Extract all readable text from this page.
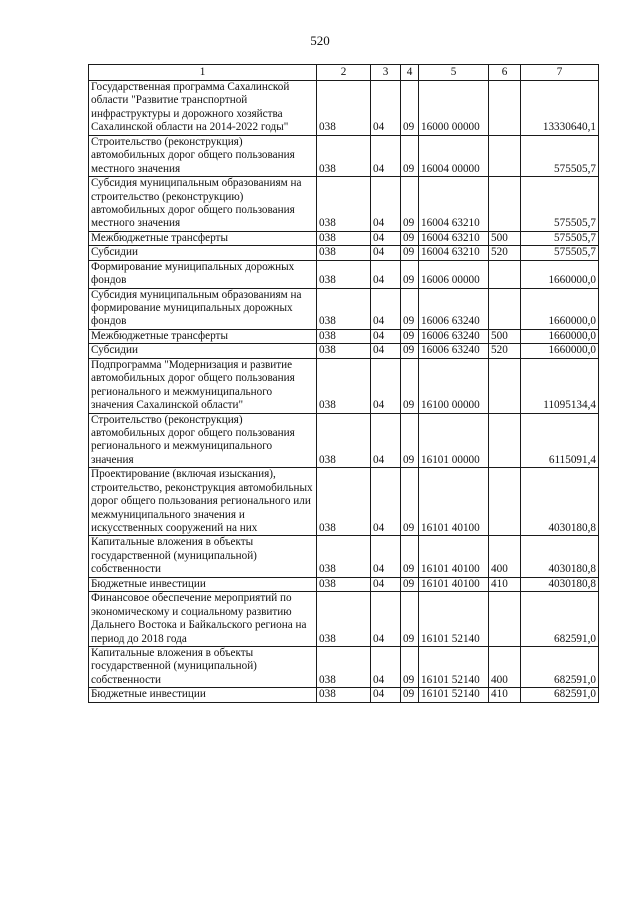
520
1	2	3	4	5	6	7
Государственная программа Сахалинской области "Развитие транспортной инфраструктуры и дорожного хозяйства Сахалинской области на 2014-2022 годы"	038	04	09	16000 00000		13330640,1
Строительство (реконструкция) автомобильных дорог общего пользования местного значения	038	04	09	16004 00000		575505,7
Субсидия муниципальным образованиям на строительство (реконструкцию) автомобильных дорог общего пользования местного значения	038	04	09	16004 63210		575505,7
Межбюджетные трансферты	038	04	09	16004 63210	500	575505,7
Субсидии	038	04	09	16004 63210	520	575505,7
Формирование муниципальных дорожных фондов	038	04	09	16006 00000		1660000,0
Субсидия муниципальным образованиям на формирование муниципальных дорожных фондов	038	04	09	16006 63240		1660000,0
Межбюджетные трансферты	038	04	09	16006 63240	500	1660000,0
Субсидии	038	04	09	16006 63240	520	1660000,0
Подпрограмма "Модернизация и развитие автомобильных дорог общего пользования регионального и межмуниципального значения Сахалинской области"	038	04	09	16100 00000		11095134,4
Строительство (реконструкция) автомобильных дорог общего пользования регионального и межмуниципального значения	038	04	09	16101 00000		6115091,4
Проектирование (включая изыскания), строительство, реконструкция автомобильных дорог общего пользования регионального или межмуниципального значения и искусственных сооружений на них	038	04	09	16101 40100		4030180,8
Капитальные вложения в объекты государственной (муниципальной) собственности	038	04	09	16101 40100	400	4030180,8
Бюджетные инвестиции	038	04	09	16101 40100	410	4030180,8
Финансовое обеспечение мероприятий по экономическому и социальному развитию Дальнего Востока и Байкальского региона на период до 2018 года	038	04	09	16101 52140		682591,0
Капитальные вложения в объекты государственной (муниципальной) собственности	038	04	09	16101 52140	400	682591,0
Бюджетные инвестиции	038	04	09	16101 52140	410	682591,0
